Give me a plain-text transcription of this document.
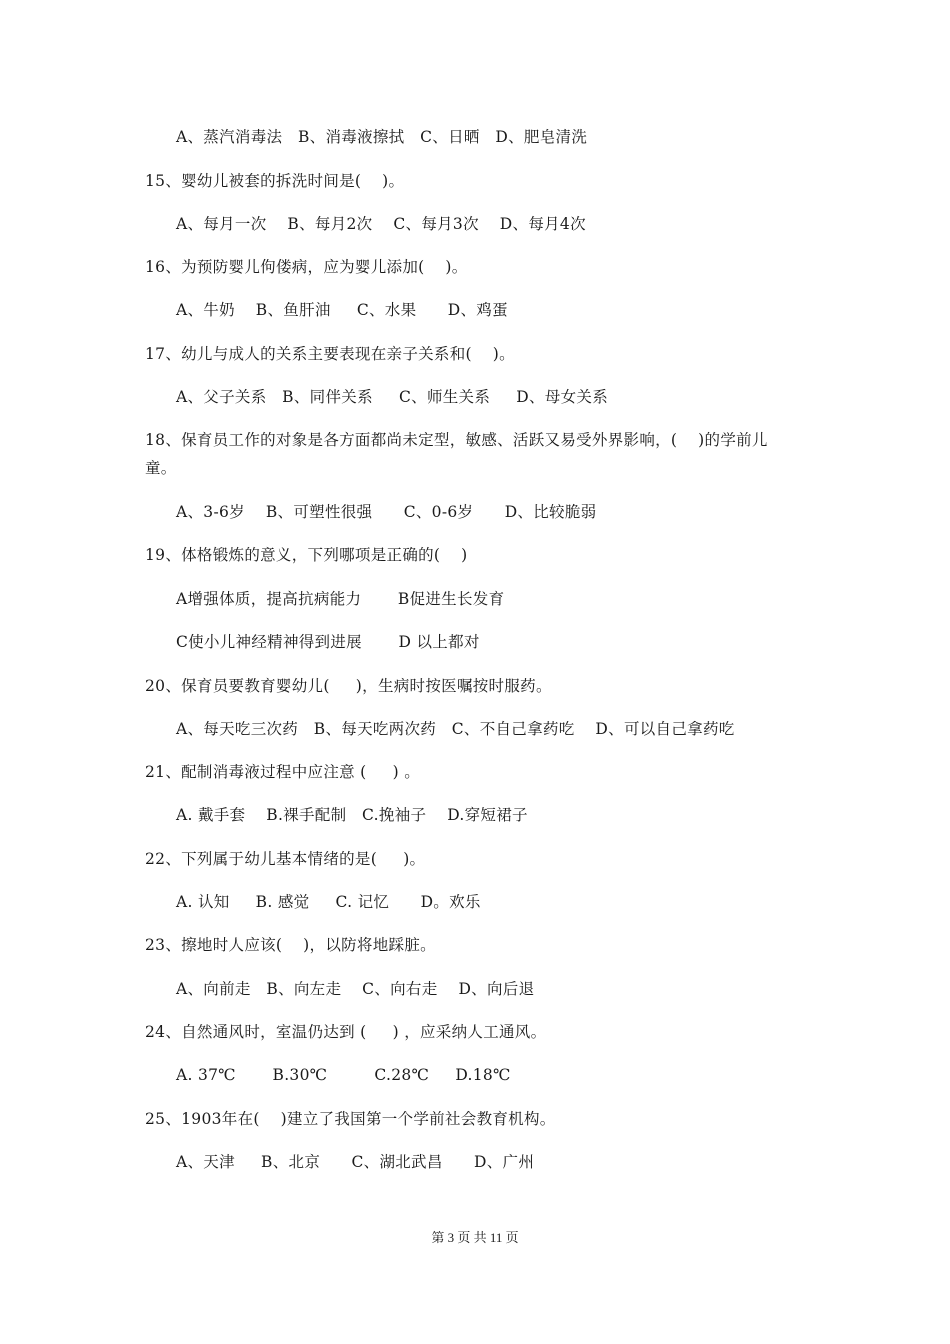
A、蒸汽消毒法   B、消毒液擦拭   C、日晒   D、肥皂清洗
15、婴幼儿被套的拆洗时间是(    )。
A、每月一次    B、每月2次    C、每月3次    D、每月4次
16、为预防婴儿佝偻病，应为婴儿添加(    )。
A、牛奶    B、鱼肝油     C、水果      D、鸡蛋
17、幼儿与成人的关系主要表现在亲子关系和(    )。
A、父子关系   B、同伴关系     C、师生关系     D、母女关系
18、保育员工作的对象是各方面都尚未定型，敏感、活跃又易受外界影响，(    )的学前儿
童。
A、3-6岁    B、可塑性很强      C、0-6岁      D、比较脆弱
19、体格锻炼的意义，下列哪项是正确的(    )
A增强体质，提高抗病能力       B促进生长发育
C使小儿神经精神得到进展       D 以上都对
20、保育员要教育婴幼儿(     )，生病时按医嘱按时服药。
A、每天吃三次药   B、每天吃两次药   C、不自己拿药吃    D、可以自己拿药吃
21、配制消毒液过程中应注意 (     ) 。
A. 戴手套    B.裸手配制   C.挽袖子    D.穿短裙子
22、下列属于幼儿基本情绪的是(     )。
A. 认知     B. 感觉     C. 记忆      D。欢乐
23、擦地时人应该(    )，以防将地踩脏。
A、向前走   B、向左走    C、向右走    D、向后退
24、自然通风时，室温仍达到 (     ) ，应采纳人工通风。
A. 37℃       B.30℃         C.28℃     D.18℃
25、1903年在(    )建立了我国第一个学前社会教育机构。
A、天津     B、北京      C、湖北武昌      D、广州
第 3 页 共 11 页
